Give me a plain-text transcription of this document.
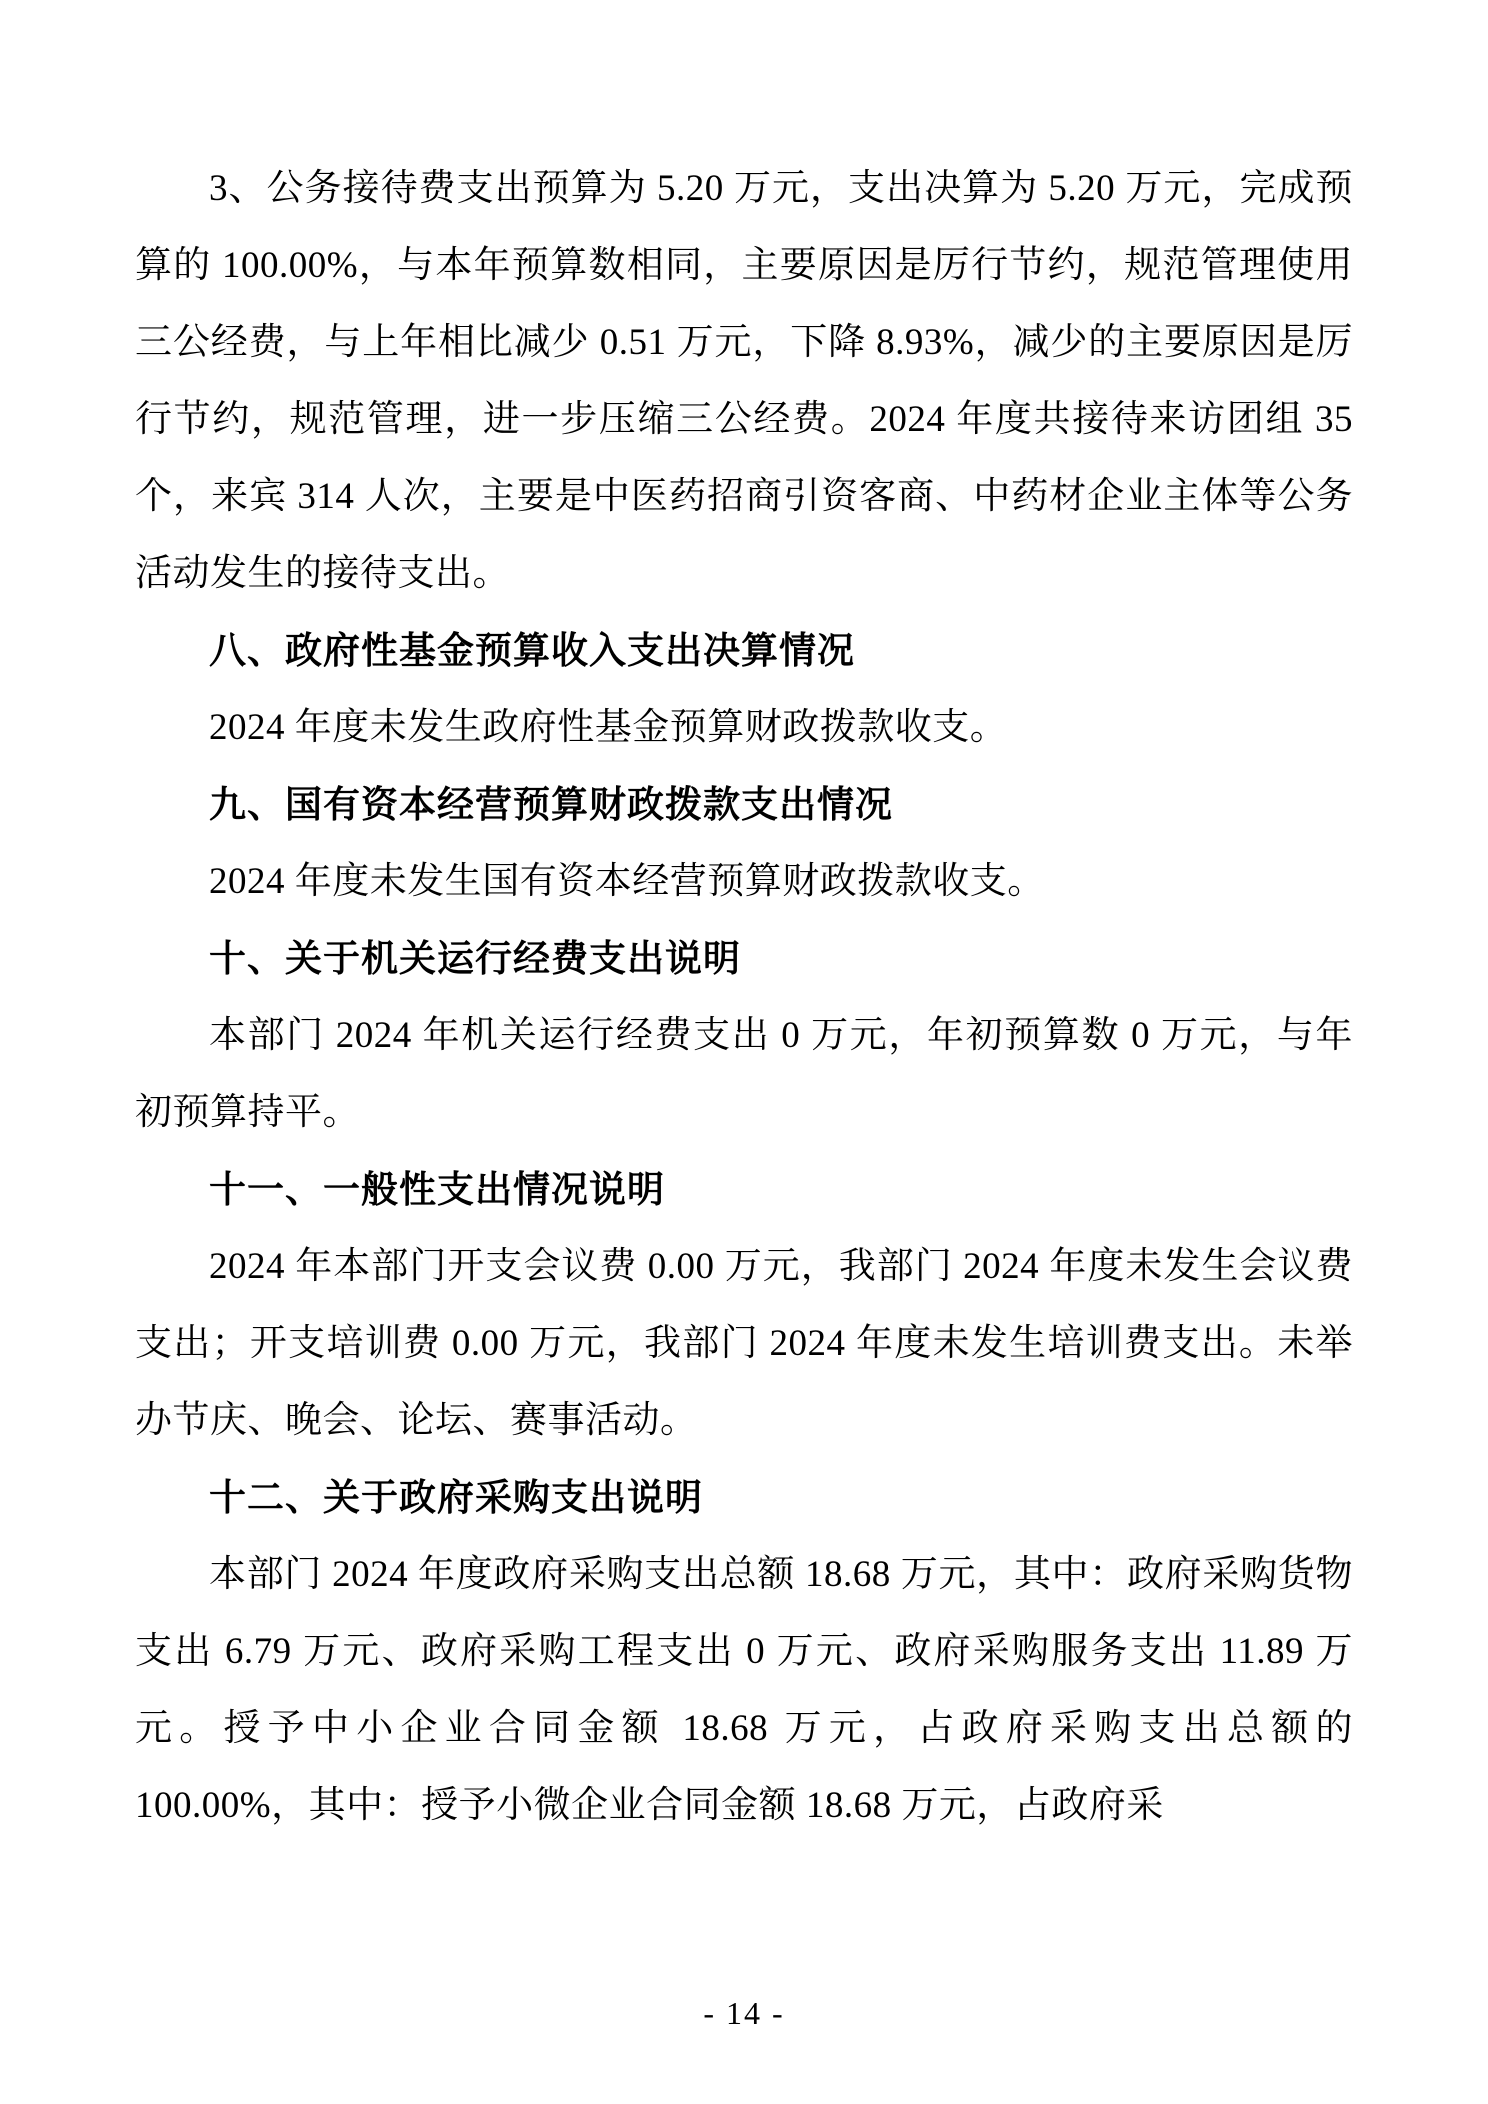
3、公务接待费支出预算为 5.20 万元，支出决算为 5.20 万元，完成预算的 100.00%，与本年预算数相同，主要原因是厉行节约，规范管理使用三公经费，与上年相比减少 0.51 万元，下降 8.93%，减少的主要原因是厉行节约，规范管理，进一步压缩三公经费。2024 年度共接待来访团组 35 个，来宾 314 人次，主要是中医药招商引资客商、中药材企业主体等公务活动发生的接待支出。

八、政府性基金预算收入支出决算情况

2024 年度未发生政府性基金预算财政拨款收支。

九、国有资本经营预算财政拨款支出情况

2024 年度未发生国有资本经营预算财政拨款收支。

十、关于机关运行经费支出说明

本部门 2024 年机关运行经费支出 0 万元，年初预算数 0 万元，与年初预算持平。

十一、一般性支出情况说明

2024 年本部门开支会议费 0.00 万元，我部门 2024 年度未发生会议费支出；开支培训费 0.00 万元，我部门 2024 年度未发生培训费支出。未举办节庆、晚会、论坛、赛事活动。

十二、关于政府采购支出说明

本部门 2024 年度政府采购支出总额 18.68 万元，其中：政府采购货物支出 6.79 万元、政府采购工程支出 0 万元、政府采购服务支出 11.89 万元。授予中小企业合同金额 18.68 万元，占政府采购支出总额的 100.00%，其中：授予小微企业合同金额 18.68 万元，占政府采

- 14 -
